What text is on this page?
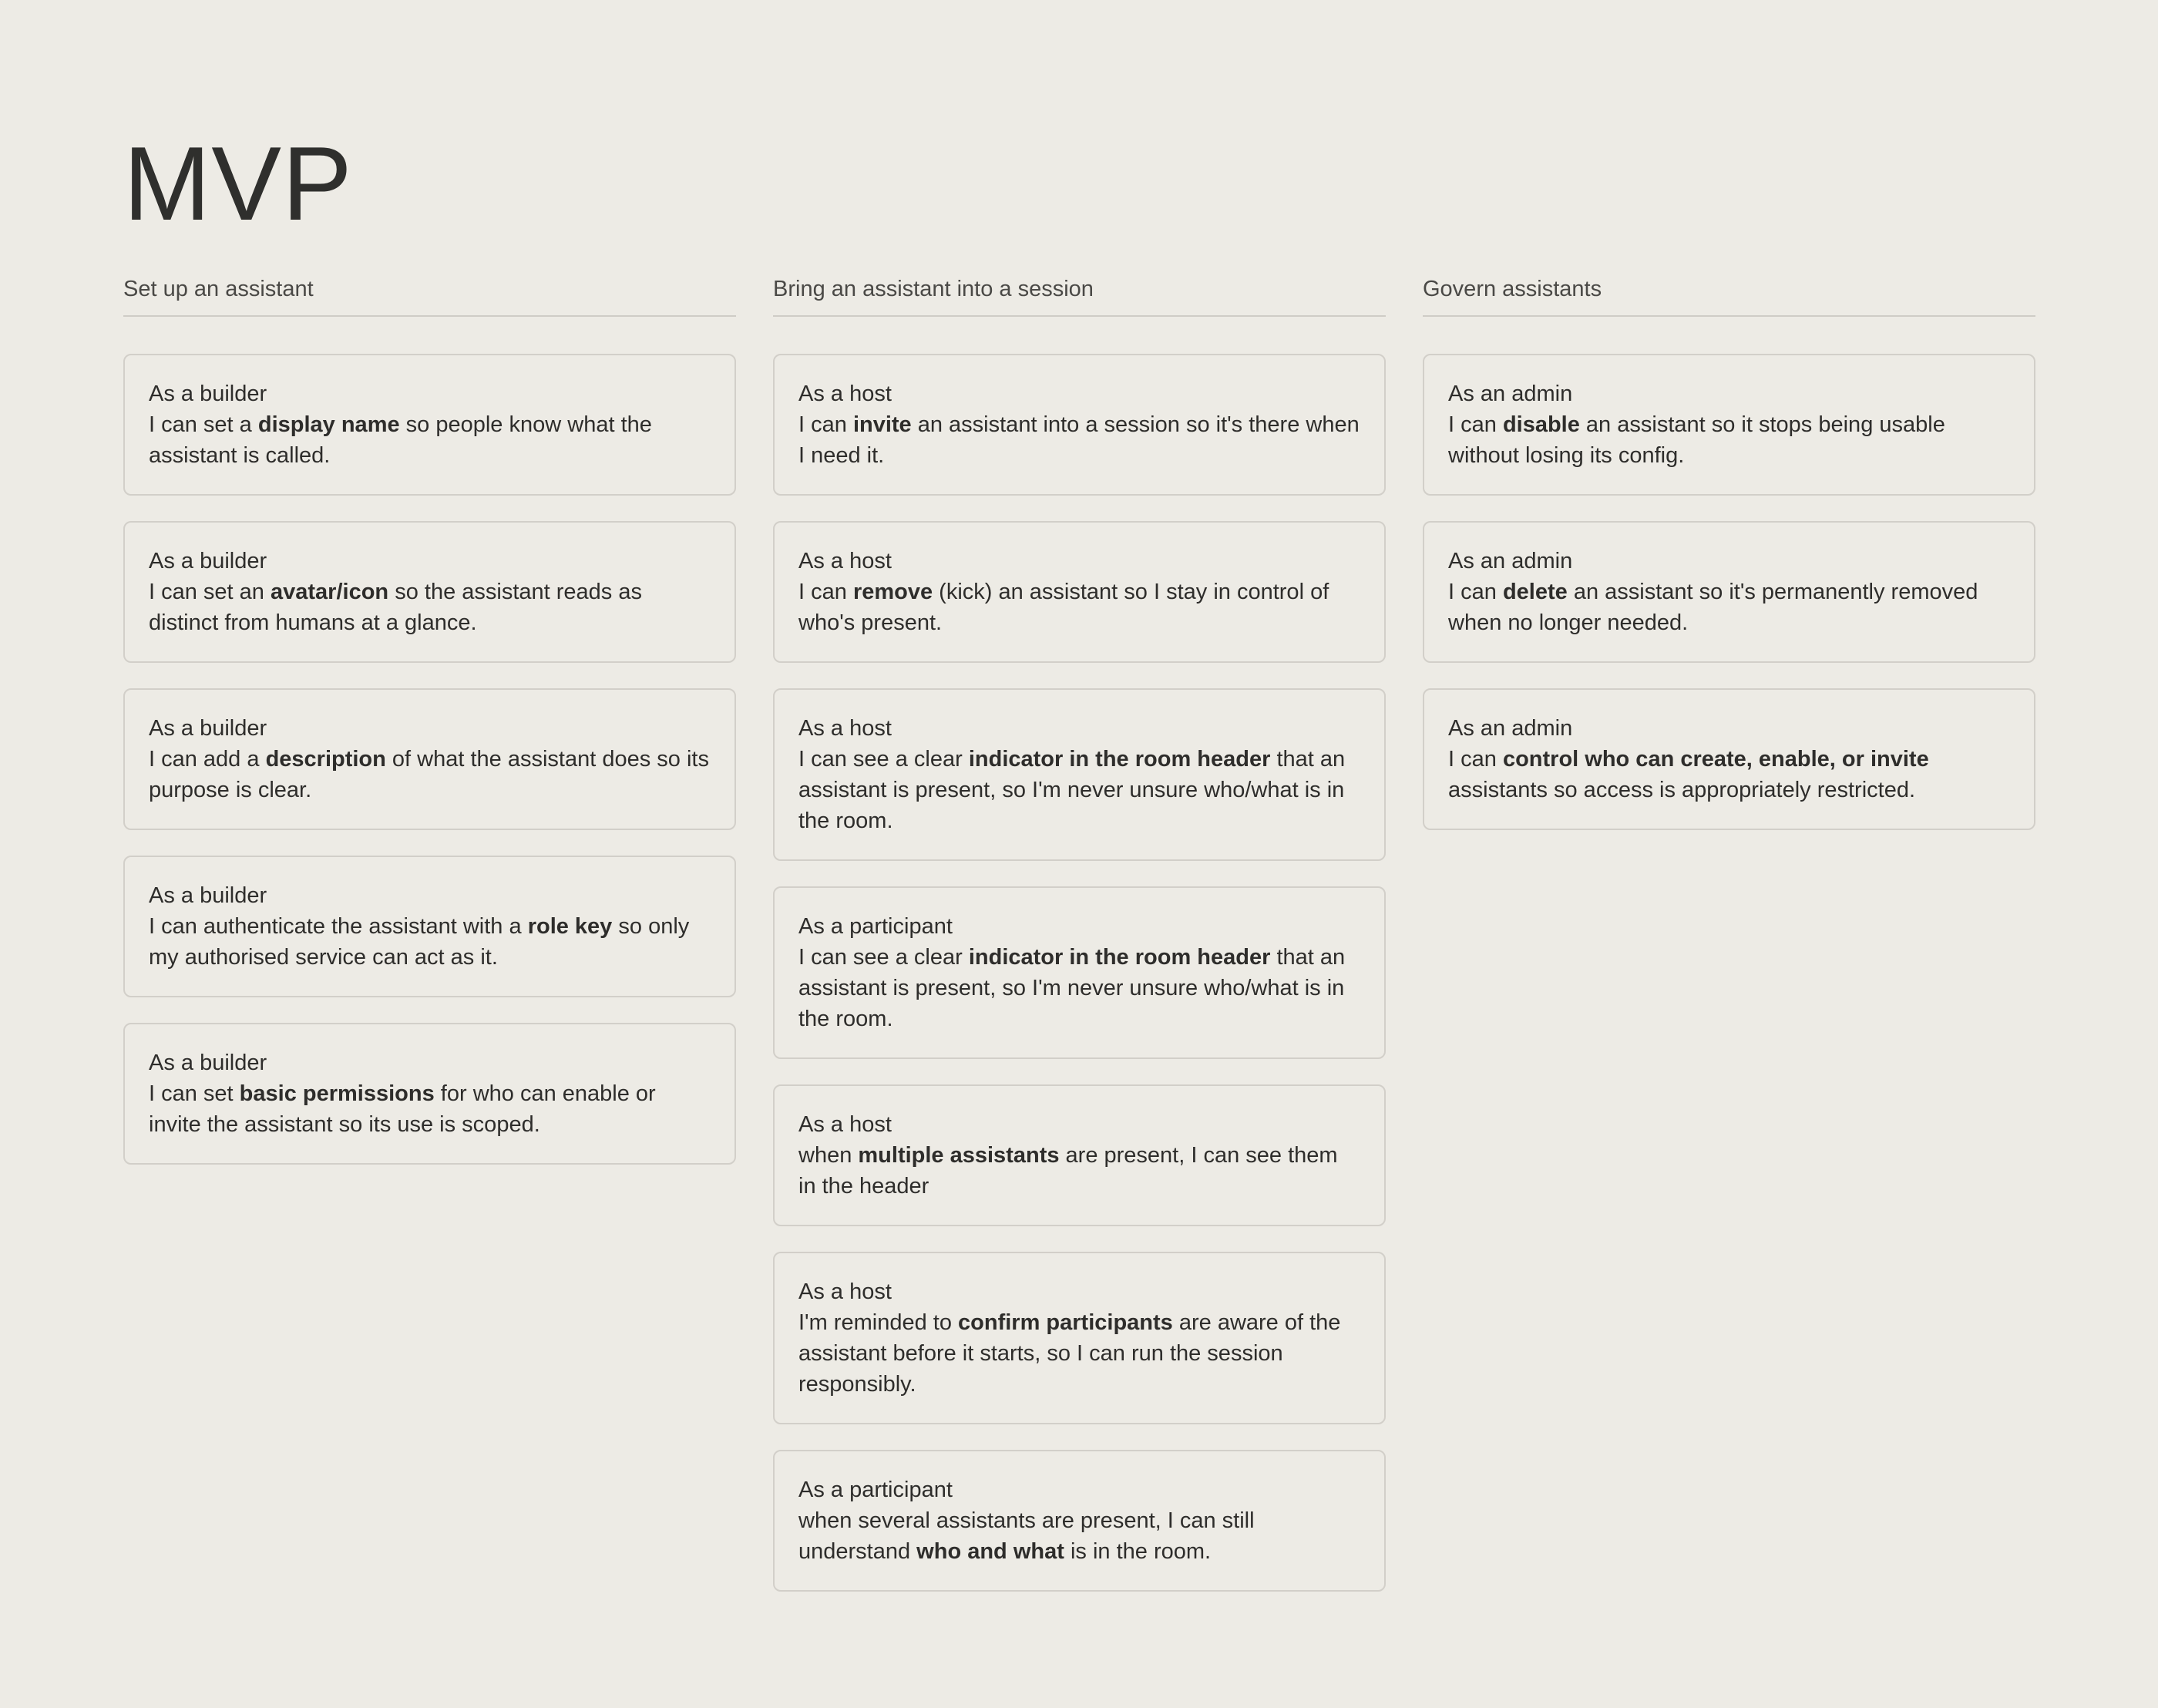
MVP
Set up an assistant
As a builder
I can set a display name so people know what the assistant is called.
As a builder
I can set an avatar/icon so the assistant reads as distinct from humans at a glance.
As a builder
I can add a description of what the assistant does so its purpose is clear.
As a builder
I can authenticate the assistant with a role key so only my authorised service can act as it.
As a builder
I can set basic permissions for who can enable or invite the assistant so its use is scoped.
Bring an assistant into a session
As a host
I can invite an assistant into a session so it's there when I need it.
As a host
I can remove (kick) an assistant so I stay in control of who's present.
As a host
I can see a clear indicator in the room header that an assistant is present, so I'm never unsure who/what is in the room.
As a participant
I can see a clear indicator in the room header that an assistant is present, so I'm never unsure who/what is in the room.
As a host
when multiple assistants are present, I can see them in the header
As a host
I'm reminded to confirm participants are aware of the assistant before it starts, so I can run the session responsibly.
As a participant
when several assistants are present, I can still understand who and what is in the room.
Govern assistants
As an admin
I can disable an assistant so it stops being usable without losing its config.
As an admin
I can delete an assistant so it's permanently removed when no longer needed.
As an admin
I can control who can create, enable, or invite assistants so access is appropriately restricted.
